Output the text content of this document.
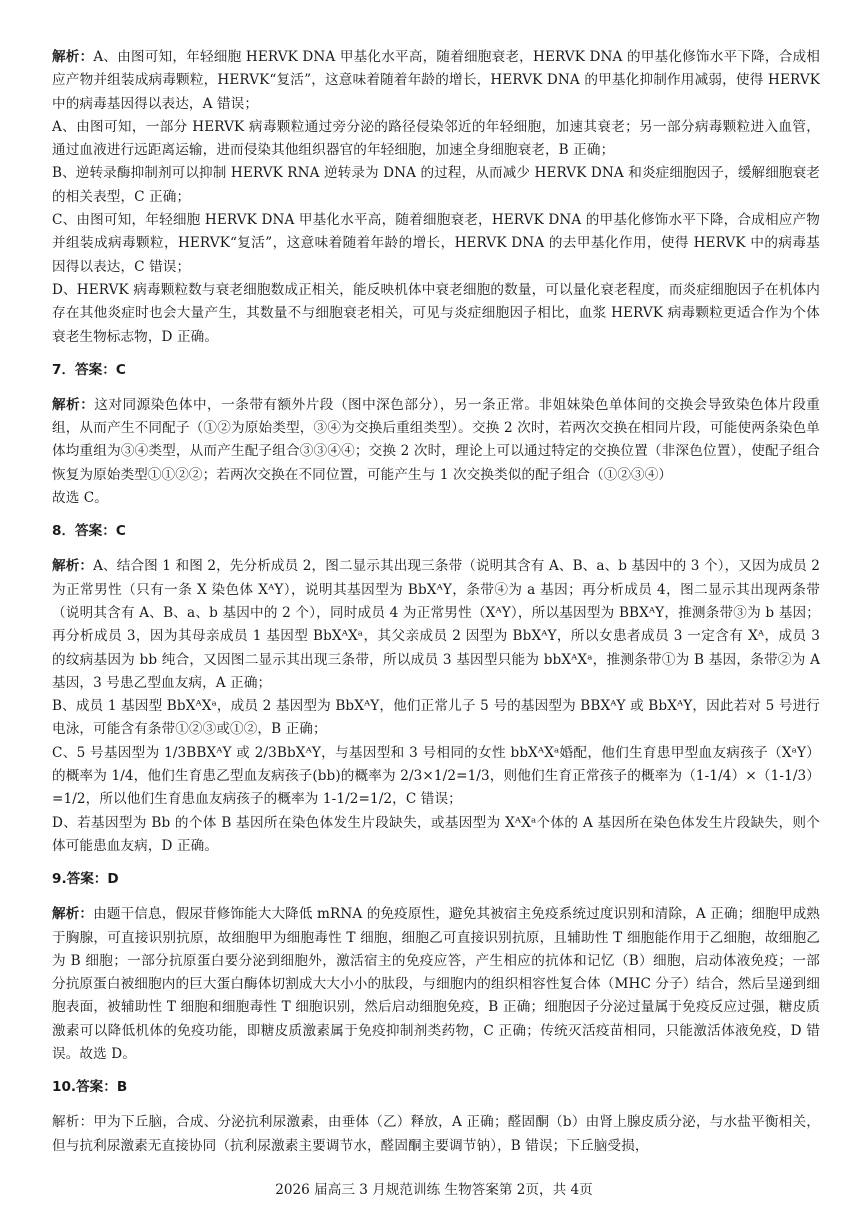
解析：A、由图可知，年轻细胞 HERVK DNA 甲基化水平高，随着细胞衰老，HERVK DNA 的甲基化修饰水平下降，合成相应产物并组装成病毒颗粒，HERVK“复活”，这意味着随着年龄的增长，HERVK DNA 的甲基化抑制作用减弱，使得 HERVK 中的病毒基因得以表达，A 错误；

A、由图可知，一部分 HERVK 病毒颗粒通过旁分泌的路径侵染邻近的年轻细胞，加速其衰老；另一部分病毒颗粒进入血管，通过血液进行远距离运输，进而侵染其他组织器官的年轻细胞，加速全身细胞衰老，B 正确；

B、逆转录酶抑制剂可以抑制 HERVK RNA 逆转录为 DNA 的过程，从而减少 HERVK DNA 和炎症细胞因子，缓解细胞衰老的相关表型，C 正确；

C、由图可知，年轻细胞 HERVK DNA 甲基化水平高，随着细胞衰老，HERVK DNA 的甲基化修饰水平下降，合成相应产物并组装成病毒颗粒，HERVK“复活”，这意味着随着年龄的增长，HERVK DNA 的去甲基化作用，使得 HERVK 中的病毒基因得以表达，C 错误；

D、HERVK 病毒颗粒数与衰老细胞数成正相关，能反映机体中衰老细胞的数量，可以量化衰老程度，而炎症细胞因子在机体内存在其他炎症时也会大量产生，其数量不与细胞衰老相关，可见与炎症细胞因子相比，血浆 HERVK 病毒颗粒更适合作为个体衰老生物标志物，D 正确。

7．答案：C

解析：这对同源染色体中，一条带有额外片段（图中深色部分），另一条正常。非姐妹染色单体间的交换会导致染色体片段重组，从而产生不同配子（①②为原始类型，③④为交换后重组类型）。交换 2 次时，若两次交换在相同片段，可能使两条染色单体均重组为③④类型，从而产生配子组合③③④④；交换 2 次时，理论上可以通过特定的交换位置（非深色位置），使配子组合恢复为原始类型①①②②；若两次交换在不同位置，可能产生与 1 次交换类似的配子组合（①②③④）

故选 C。

8．答案：C

解析：A、结合图 1 和图 2，先分析成员 2，图二显示其出现三条带（说明其含有 A、B、a、b 基因中的 3 个），又因为成员 2 为正常男性（只有一条 X 染色体 XᴬY），说明其基因型为 BbXᴬY，条带④为 a 基因；再分析成员 4，图二显示其出现两条带（说明其含有 A、B、a、b 基因中的 2 个），同时成员 4 为正常男性（XᴬY），所以基因型为 BBXᴬY，推测条带③为 b 基因；再分析成员 3，因为其母亲成员 1 基因型 BbXᴬXᵃ，其父亲成员 2 因型为 BbXᴬY，所以女患者成员 3 一定含有 Xᴬ，成员 3 的纹病基因为 bb 纯合，又因图二显示其出现三条带，所以成员 3 基因型只能为 bbXᴬXᵃ，推测条带①为 B 基因，条带②为 A 基因，3 号患乙型血友病，A 正确；

B、成员 1 基因型 BbXᴬXᵃ，成员 2 基因型为 BbXᴬY，他们正常儿子 5 号的基因型为 BBXᴬY 或 BbXᴬY，因此若对 5 号进行电泳，可能含有条带①②③或①②，B 正确；

C、5 号基因型为 1/3BBXᴬY 或 2/3BbXᴬY，与基因型和 3 号相同的女性 bbXᴬXᵃ婚配，他们生育患甲型血友病孩子（XᵃY）的概率为 1/4，他们生育患乙型血友病孩子(bb)的概率为 2/3×1/2=1/3，则他们生育正常孩子的概率为（1-1/4）×（1-1/3）=1/2，所以他们生育患血友病孩子的概率为 1-1/2=1/2，C 错误；

D、若基因型为 Bb 的个体 B 基因所在染色体发生片段缺失，或基因型为 XᴬXᵃ个体的 A 基因所在染色体发生片段缺失，则个体可能患血友病，D 正确。

9.答案：D

解析：由题干信息，假尿苷修饰能大大降低 mRNA 的免疫原性，避免其被宿主免疫系统过度识别和清除，A 正确；细胞甲成熟于胸腺，可直接识别抗原，故细胞甲为细胞毒性 T 细胞，细胞乙可直接识别抗原，且辅助性 T 细胞能作用于乙细胞，故细胞乙为 B 细胞；一部分抗原蛋白要分泌到细胞外，激活宿主的免疫应答，产生相应的抗体和记忆（B）细胞，启动体液免疫；一部分抗原蛋白被细胞内的巨大蛋白酶体切割成大大小小的肽段，与细胞内的组织相容性复合体（MHC 分子）结合，然后呈递到细胞表面，被辅助性 T 细胞和细胞毒性 T 细胞识别，然后启动细胞免疫，B 正确；细胞因子分泌过量属于免疫反应过强，糖皮质激素可以降低机体的免疫功能，即糖皮质激素属于免疫抑制剂类药物，C 正确；传统灭活疫苗相同，只能激活体液免疫，D 错误。故选 D。

10.答案：B

解析：甲为下丘脑，合成、分泌抗利尿激素，由垂体（乙）释放，A 正确；醛固酮（b）由肾上腺皮质分泌，与水盐平衡相关，但与抗利尿激素无直接协同（抗利尿激素主要调节水，醛固酮主要调节钠），B 错误；下丘脑受损，

2026 届高三 3 月规范训练 生物答案第 2页，共 4页
